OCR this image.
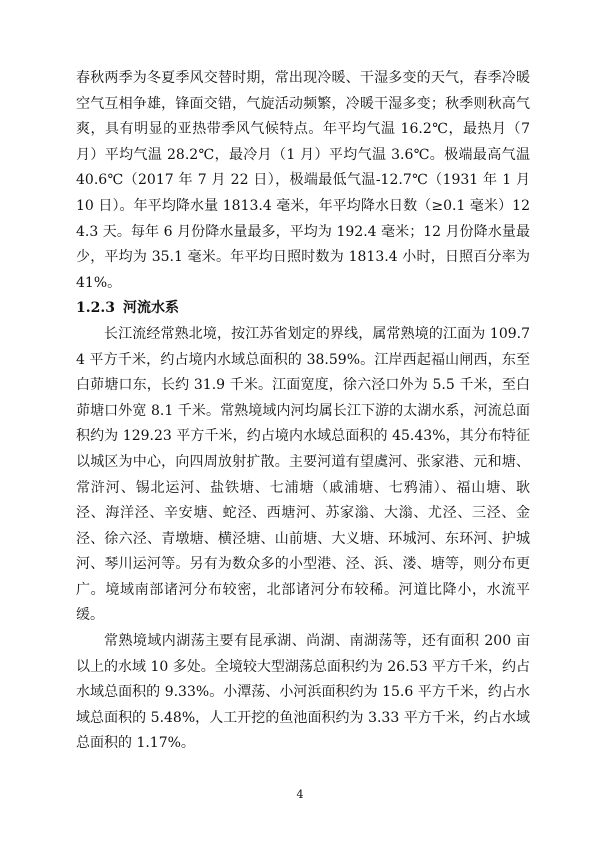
春秋两季为冬夏季风交替时期，常出现冷暖、干湿多变的天气，春季冷暖空气互相争雄，锋面交错，气旋活动频繁，冷暖干湿多变；秋季则秋高气爽，具有明显的亚热带季风气候特点。年平均气温 16.2℃，最热月（7 月）平均气温 28.2℃，最冷月（1 月）平均气温 3.6℃。极端最高气温 40.6℃（2017 年 7 月 22 日），极端最低气温-12.7℃（1931 年 1 月 10 日）。年平均降水量 1813.4 毫米，年平均降水日数（≥0.1 毫米）124.3 天。每年 6 月份降水量最多，平均为 192.4 毫米；12 月份降水量最少，平均为 35.1 毫米。年平均日照时数为 1813.4 小时，日照百分率为 41%。

1.2.3 河流水系

长江流经常熟北境，按江苏省划定的界线，属常熟境的江面为 109.74 平方千米，约占境内水域总面积的 38.59%。江岸西起福山闸西，东至白茆塘口东，长约 31.9 千米。江面宽度，徐六泾口外为 5.5 千米，至白茆塘口外宽 8.1 千米。常熟境域内河均属长江下游的太湖水系，河流总面积约为 129.23 平方千米，约占境内水域总面积的 45.43%，其分布特征以城区为中心，向四周放射扩散。主要河道有望虞河、张家港、元和塘、常浒河、锡北运河、盐铁塘、七浦塘（戚浦塘、七鸦浦）、福山塘、耿泾、海洋泾、辛安塘、蛇泾、西塘河、苏家滃、大滃、尤泾、三泾、金泾、徐六泾、青墩塘、横泾塘、山前塘、大义塘、环城河、东环河、护城河、琴川运河等。另有为数众多的小型港、泾、浜、溇、塘等，则分布更广。境域南部诸河分布较密，北部诸河分布较稀。河道比降小，水流平缓。

常熟境域内湖荡主要有昆承湖、尚湖、南湖荡等，还有面积 200 亩以上的水域 10 多处。全境较大型湖荡总面积约为 26.53 平方千米，约占水域总面积的 9.33%。小潭荡、小河浜面积约为 15.6 平方千米，约占水域总面积的 5.48%，人工开挖的鱼池面积约为 3.33 平方千米，约占水域总面积的 1.17%。

4
